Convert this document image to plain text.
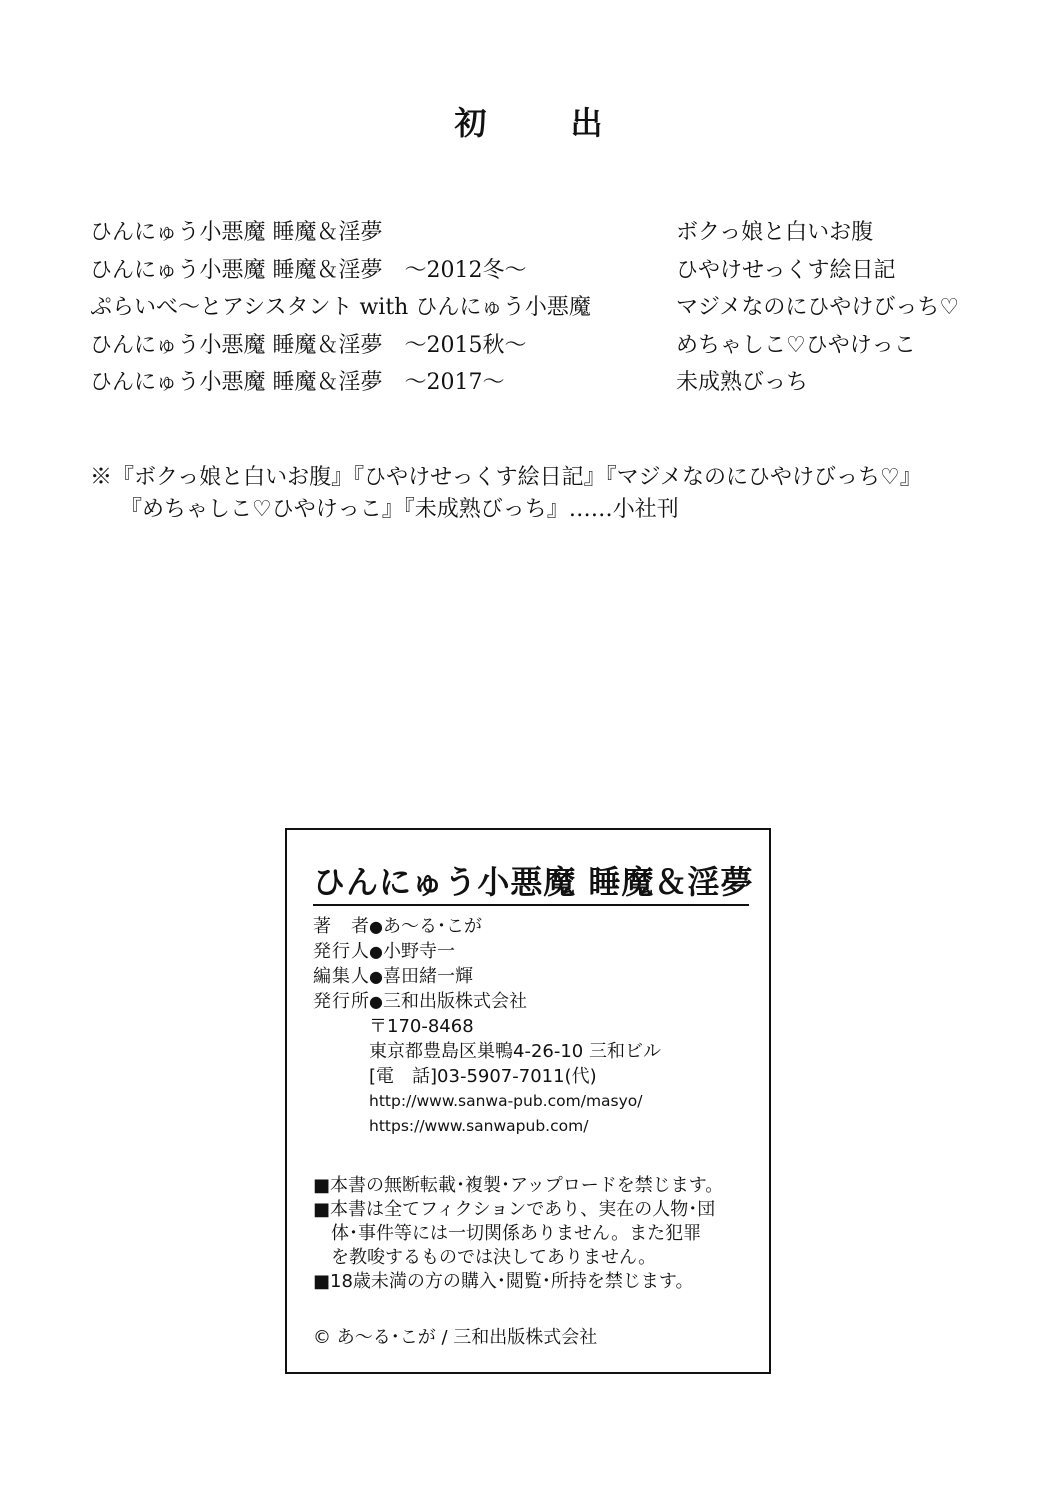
初　出
ひんにゅう小悪魔 睡魔＆淫夢	ボクっ娘と白いお腹
ひんにゅう小悪魔 睡魔＆淫夢　～2012冬～	ひやけせっくす絵日記
ぷらいべ～とアシスタント with ひんにゅう小悪魔	マジメなのにひやけびっち♡
ひんにゅう小悪魔 睡魔＆淫夢　～2015秋～	めちゃしこ♡ひやけっこ
ひんにゅう小悪魔 睡魔＆淫夢　～2017～	未成熟びっち
※『ボクっ娘と白いお腹』『ひやけせっくす絵日記』『マジメなのにひやけびっち♡』
『めちゃしこ♡ひやけっこ』『未成熟びっち』……小社刊
ひんにゅう小悪魔 睡魔＆淫夢
著者●あ～る･こが
発行人●小野寺一
編集人●喜田緒一輝
発行所●三和出版株式会社
〒170-8468
東京都豊島区巣鴨4-26-10 三和ビル
[電　話]03-5907-7011(代)
http://www.sanwa-pub.com/masyo/
https://www.sanwapub.com/
■本書の無断転載･複製･アップロードを禁じます。
■本書は全てフィクションであり、実在の人物･団
体･事件等には一切関係ありません。また犯罪
を教唆するものでは決してありません。
■18歳未満の方の購入･閲覧･所持を禁じます。
© あ～る･こが / 三和出版株式会社
